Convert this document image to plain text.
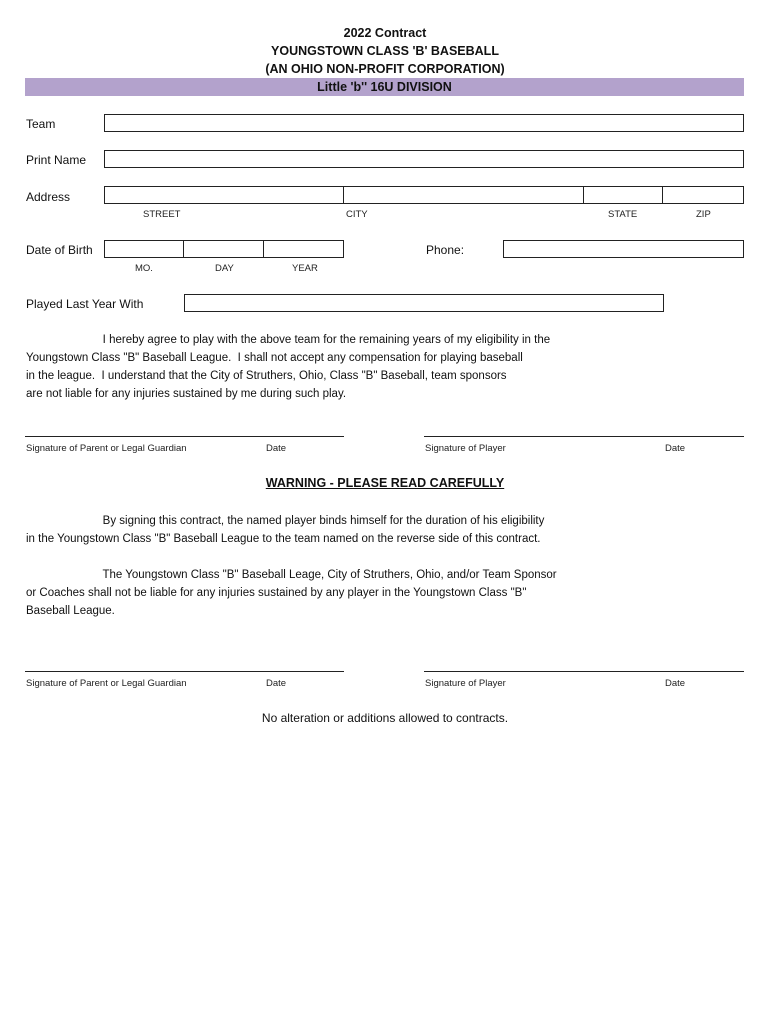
2022 Contract
YOUNGSTOWN CLASS 'B' BASEBALL
(AN OHIO NON-PROFIT CORPORATION)
Little 'b'' 16U DIVISION
Team
Print Name
Address
STREET	CITY	STATE	ZIP
Date of Birth
MO.	DAY	YEAR
Phone:
Played Last Year With
I hereby agree to play with the above team for the remaining years of my eligibility in the
Youngstown Class "B" Baseball League.  I shall not accept any compensation for playing baseball
in the league.  I understand that the City of Struthers, Ohio, Class "B" Baseball, team sponsors
are not liable for any injuries sustained by me during such play.
Signature of Parent or Legal Guardian	Date	Signature of Player	Date
WARNING - PLEASE READ CAREFULLY
By signing this contract, the named player binds himself for the duration of his eligibility
in the Youngstown Class "B" Baseball League to the team named on the reverse side of this contract.
The Youngstown Class "B" Baseball Leage, City of Struthers, Ohio, and/or Team Sponsor
or Coaches shall not be liable for any injuries sustained by any player in the Youngstown Class "B"
Baseball League.
Signature of Parent or Legal Guardian	Date	Signature of Player	Date
No alteration or additions allowed to contracts.
